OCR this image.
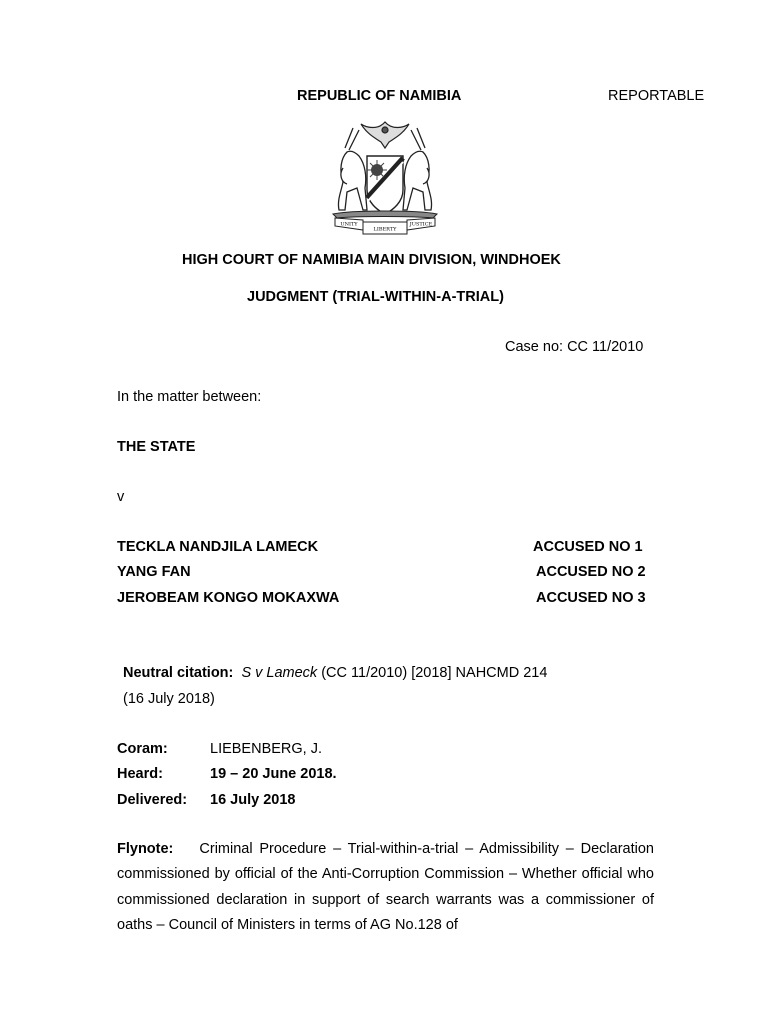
REPUBLIC OF NAMIBIA	REPORTABLE
UNITY
LIBERTY
JUSTICE
HIGH COURT OF NAMIBIA MAIN DIVISION, WINDHOEK
JUDGMENT (TRIAL-WITHIN-A-TRIAL)
Case no: CC 11/2010
In the matter between:
THE STATE
v
TECKLA NANDJILA LAMECK	ACCUSED NO 1
YANG FAN	ACCUSED NO 2
JEROBEAM KONGO MOKAXWA	ACCUSED NO 3
Neutral citation: S v Lameck (CC 11/2010) [2018] NAHCMD 214
(16 July 2018)
Coram:	LIEBENBERG, J.
Heard:	19 – 20 June 2018.
Delivered: 16 July 2018
Flynote: Criminal Procedure – Trial-within-a-trial – Admissibility – Declaration commissioned by official of the Anti-Corruption Commission – Whether official who commissioned declaration in support of search warrants was a commissioner of oaths – Council of Ministers in terms of AG No.128 of
